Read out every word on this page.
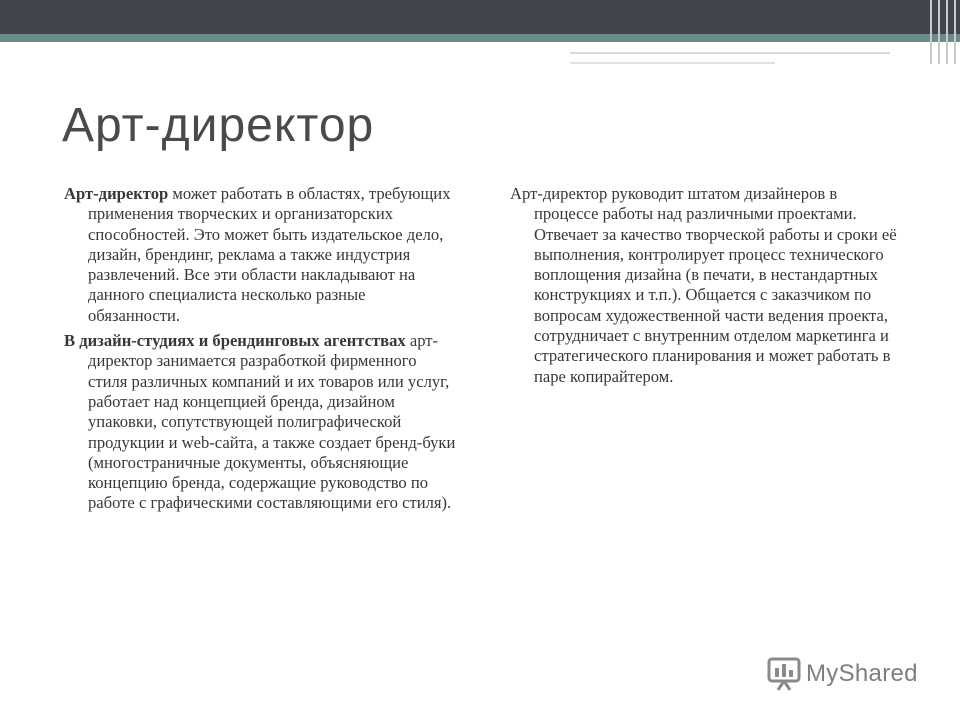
Арт-директор

Арт-директор может работать в областях, требующих применения творческих и организаторских способностей. Это может быть издательское дело, дизайн, брендинг, реклама а также индустрия развлечений. Все эти области накладывают на данного специалиста несколько разные обязанности.

В дизайн-студиях и брендинговых агентствах арт-директор занимается разработкой фирменного стиля различных компаний и их товаров или услуг, работает над концепцией бренда, дизайном упаковки, сопутствующей полиграфической продукции и web-сайта, а также создает бренд-буки (многостраничные документы, объясняющие концепцию бренда, содержащие руководство по работе с графическими составляющими его стиля).

Арт-директор руководит штатом дизайнеров в процессе работы над различными проектами. Отвечает за качество творческой работы и сроки её выполнения, контролирует процесс технического воплощения дизайна (в печати, в нестандартных конструкциях и т.п.). Общается с заказчиком по вопросам художественной части ведения проекта, сотрудничает с внутренним отделом маркетинга и стратегического планирования и может работать в паре копирайтером.

MyShared
